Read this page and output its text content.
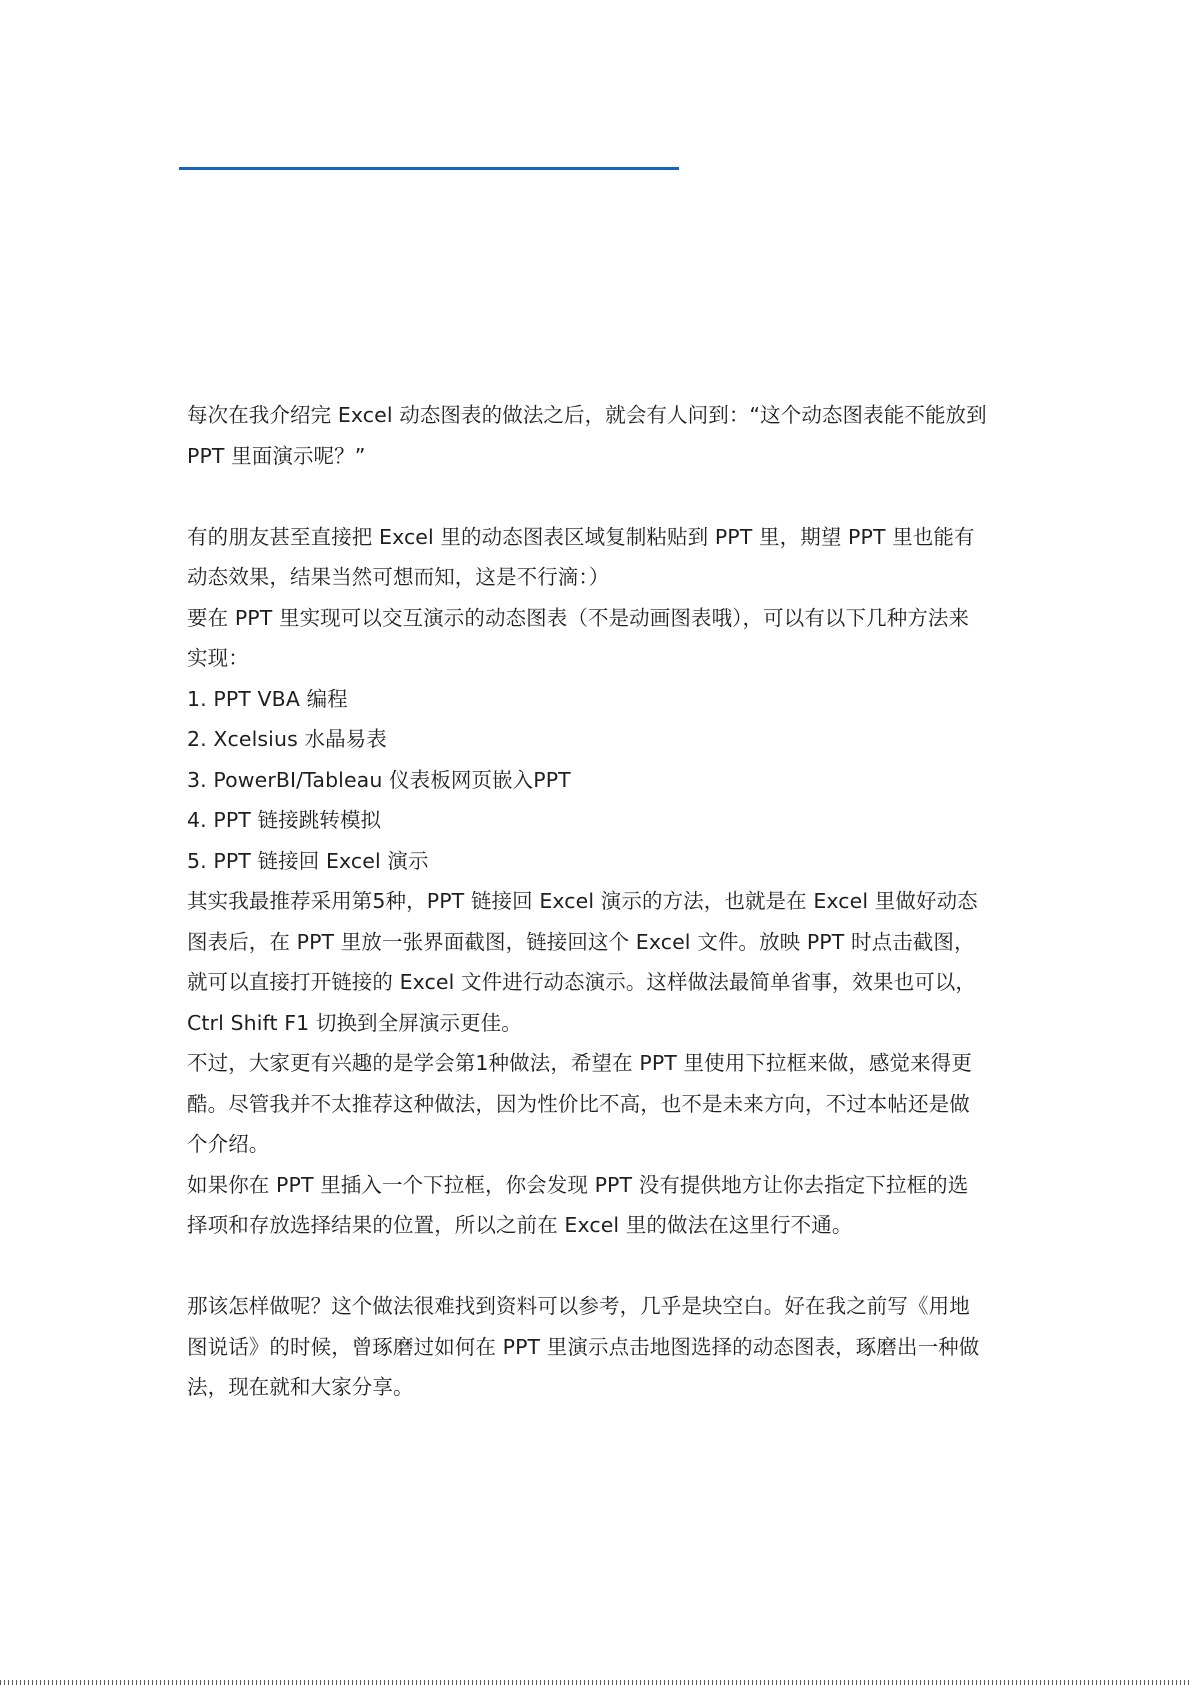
每次在我介绍完 Excel 动态图表的做法之后，就会有人问到：“这个动态图表能不能放到
PPT 里面演示呢？”
有的朋友甚至直接把 Excel 里的动态图表区域复制粘贴到 PPT 里，期望 PPT 里也能有
动态效果，结果当然可想而知，这是不行滴：）
要在 PPT 里实现可以交互演示的动态图表（不是动画图表哦），可以有以下几种方法来
实现：
1. PPT VBA 编程
2. Xcelsius 水晶易表
3. PowerBI/Tableau 仪表板网页嵌入PPT
4. PPT 链接跳转模拟
5. PPT 链接回 Excel 演示
其实我最推荐采用第5种，PPT 链接回 Excel 演示的方法，也就是在 Excel 里做好动态
图表后，在 PPT 里放一张界面截图，链接回这个 Excel 文件。放映 PPT 时点击截图，
就可以直接打开链接的 Excel 文件进行动态演示。这样做法最简单省事，效果也可以，
Ctrl Shift F1 切换到全屏演示更佳。
不过，大家更有兴趣的是学会第1种做法，希望在 PPT 里使用下拉框来做，感觉来得更
酷。尽管我并不太推荐这种做法，因为性价比不高，也不是未来方向，不过本帖还是做
个介绍。
如果你在 PPT 里插入一个下拉框，你会发现 PPT 没有提供地方让你去指定下拉框的选
择项和存放选择结果的位置，所以之前在 Excel 里的做法在这里行不通。
那该怎样做呢？这个做法很难找到资料可以参考，几乎是块空白。好在我之前写《用地
图说话》的时候，曾琢磨过如何在 PPT 里演示点击地图选择的动态图表，琢磨出一种做
法，现在就和大家分享。
